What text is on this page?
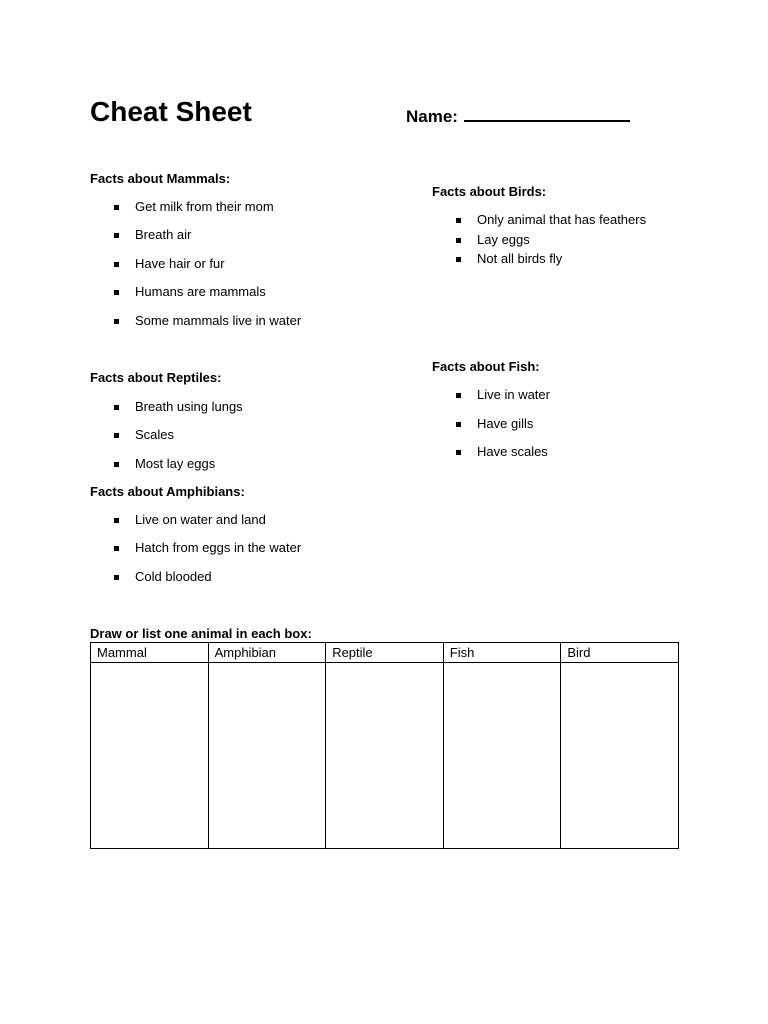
Cheat Sheet	Name:
Facts about Mammals:
Get milk from their mom
Breath air
Have hair or fur
Humans are mammals
Some mammals live in water
Facts about Birds:
Only animal that has feathers
Lay eggs
Not all birds fly
Facts about Reptiles:
Breath using lungs
Scales
Most lay eggs
Facts about Fish:
Live in water
Have gills
Have scales
Facts about Amphibians:
Live on water and land
Hatch from eggs in the water
Cold blooded
Draw or list one animal in each box:
Mammal	Amphibian	Reptile	Fish	Bird
